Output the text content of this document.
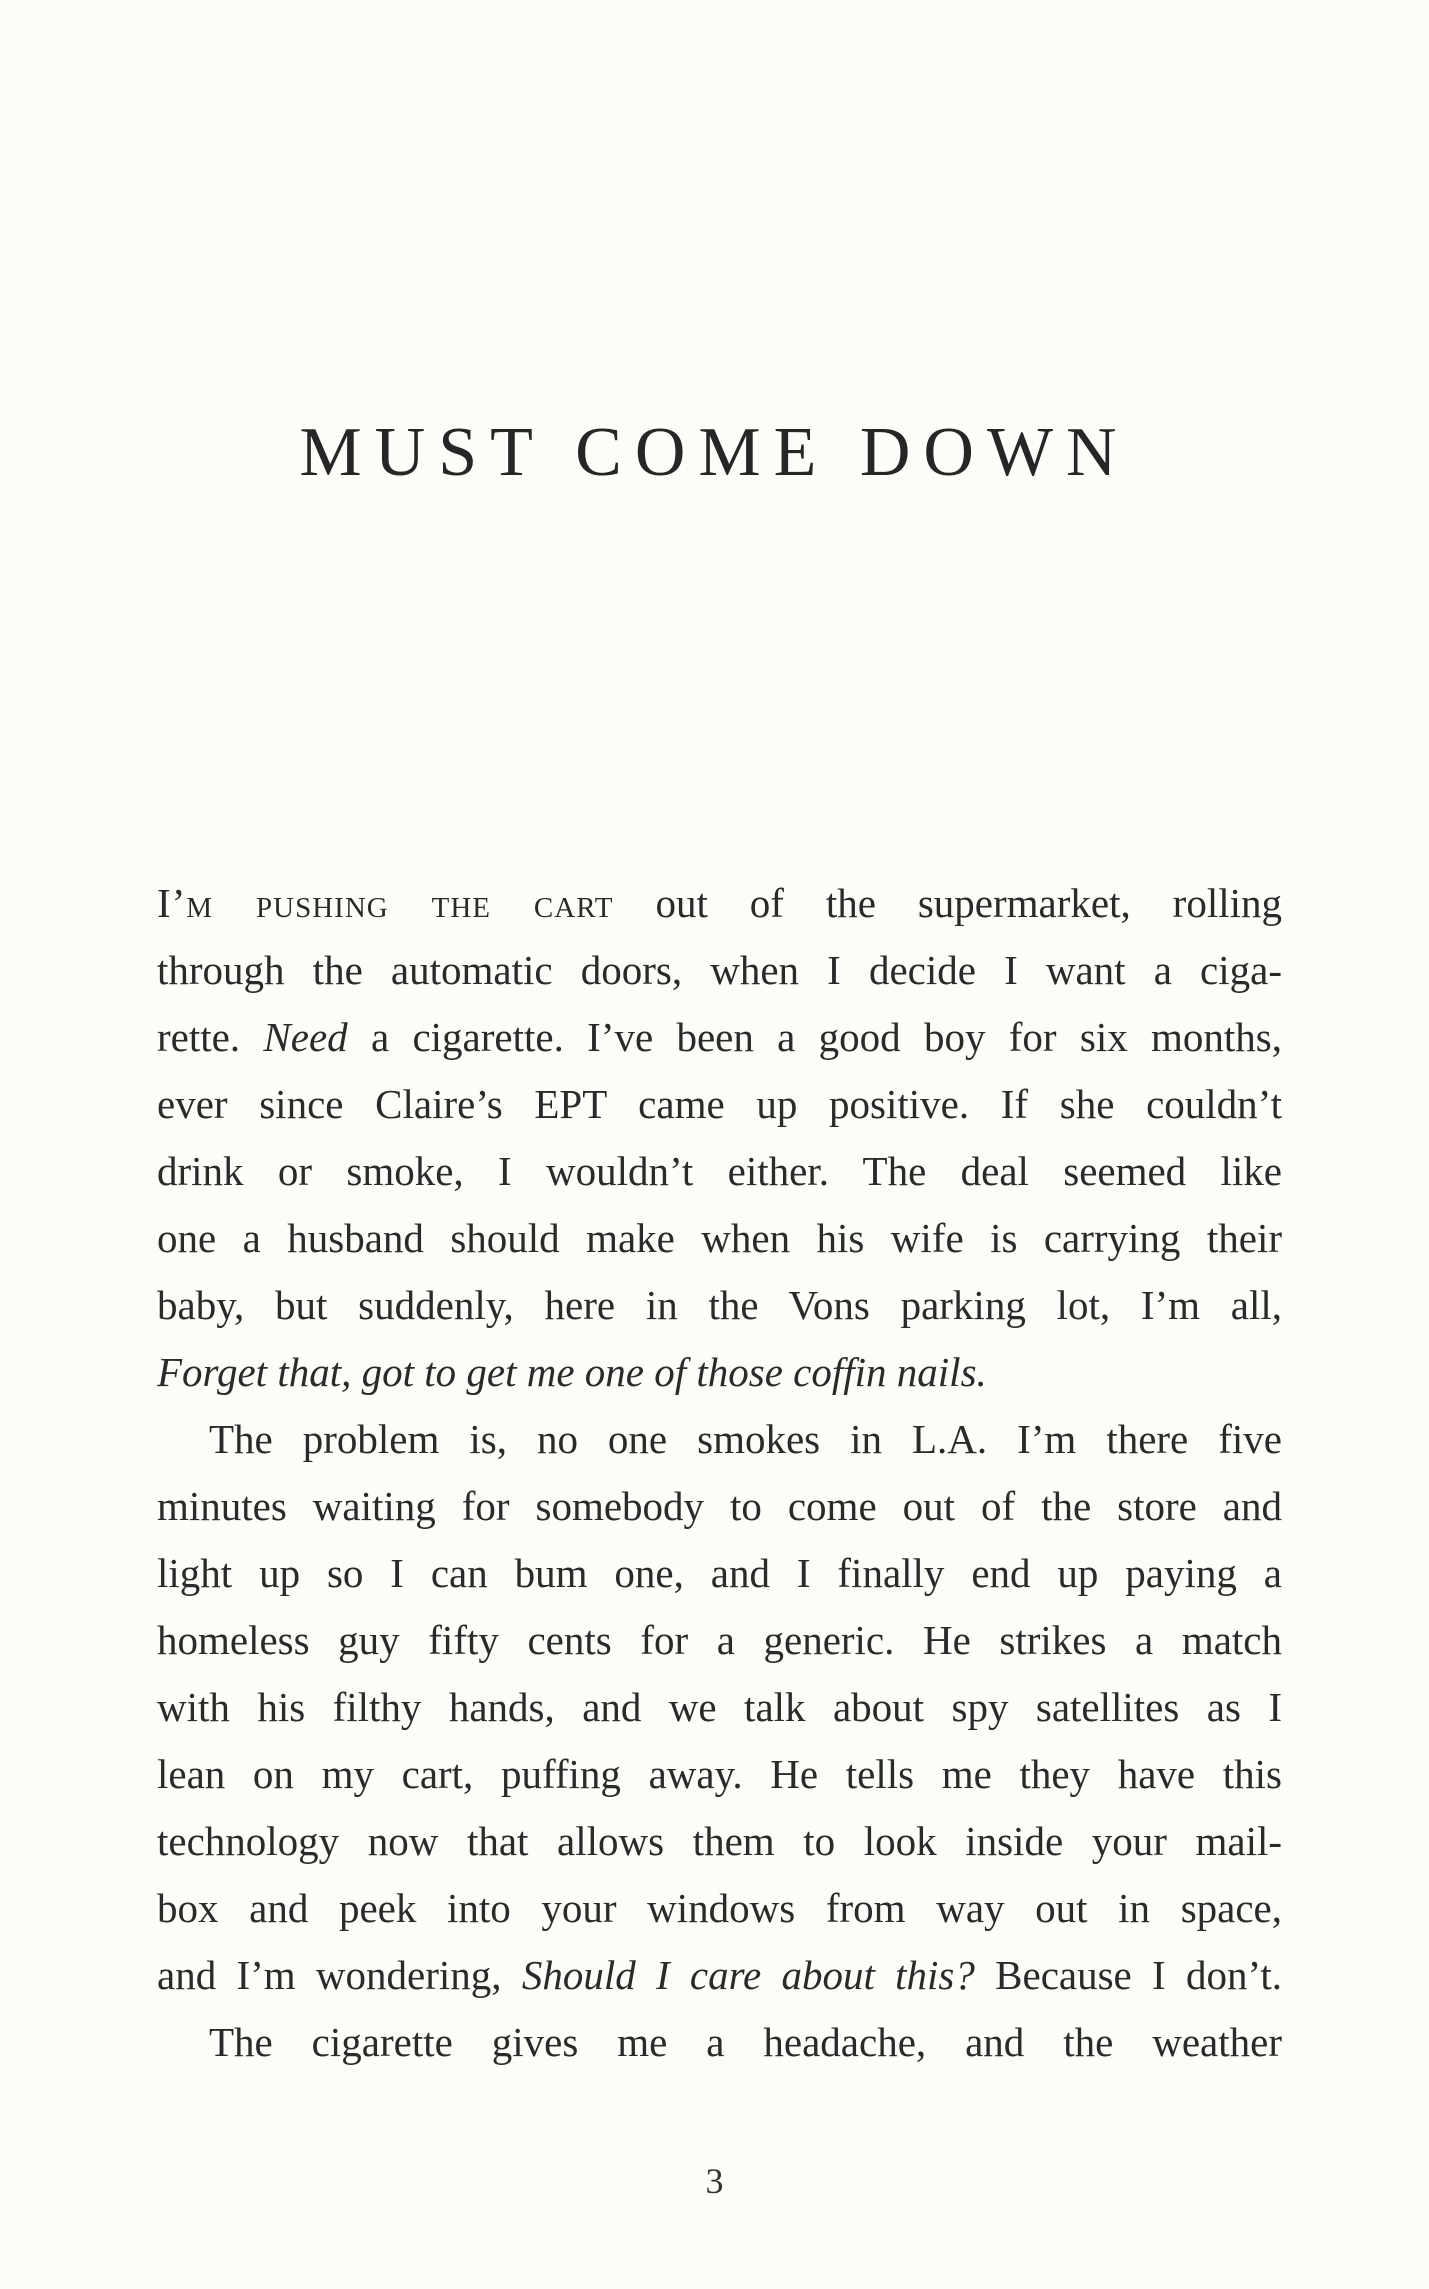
MUST COME DOWN
I’m pushing the cart out of the supermarket, rolling
through the automatic doors, when I decide I want a ciga-
rette. Need a cigarette. I’ve been a good boy for six months,
ever since Claire’s EPT came up positive. If she couldn’t
drink or smoke, I wouldn’t either. The deal seemed like
one a husband should make when his wife is carrying their
baby, but suddenly, here in the Vons parking lot, I’m all,
Forget that, got to get me one of those coffin nails.
The problem is, no one smokes in L.A. I’m there five
minutes waiting for somebody to come out of the store and
light up so I can bum one, and I finally end up paying a
homeless guy fifty cents for a generic. He strikes a match
with his filthy hands, and we talk about spy satellites as I
lean on my cart, puffing away. He tells me they have this
technology now that allows them to look inside your mail-
box and peek into your windows from way out in space,
and I’m wondering, Should I care about this? Because I don’t.
The cigarette gives me a headache, and the weather
3
